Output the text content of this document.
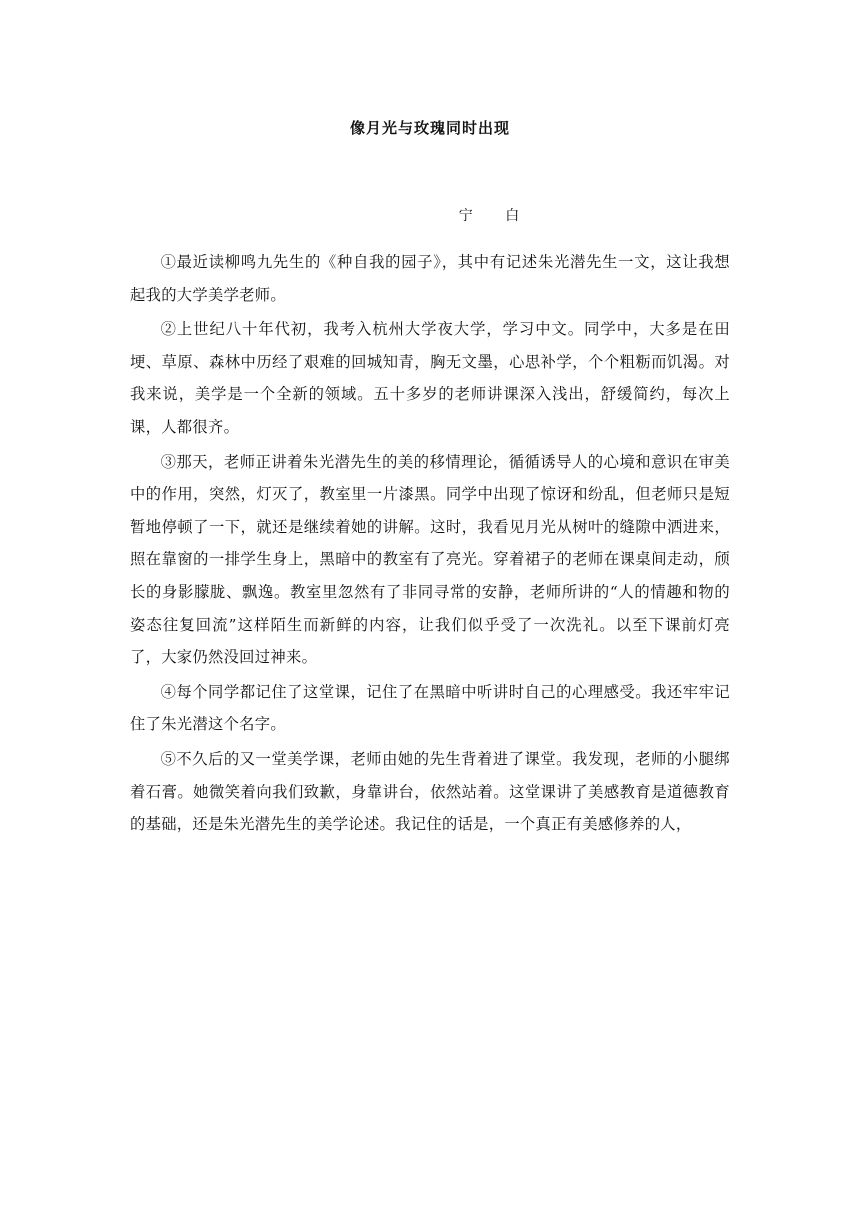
像月光与玫瑰同时出现
宁 白

①最近读柳鸣九先生的《种自我的园子》，其中有记述朱光潜先生一文，这让我想起我的大学美学老师。

②上世纪八十年代初，我考入杭州大学夜大学，学习中文。同学中，大多是在田埂、草原、森林中历经了艰难的回城知青，胸无文墨，心思补学，个个粗粝而饥渴。对我来说，美学是一个全新的领域。五十多岁的老师讲课深入浅出，舒缓简约，每次上课，人都很齐。

③那天，老师正讲着朱光潜先生的美的移情理论，循循诱导人的心境和意识在审美中的作用，突然，灯灭了，教室里一片漆黑。同学中出现了惊讶和纷乱，但老师只是短暂地停顿了一下，就还是继续着她的讲解。这时，我看见月光从树叶的缝隙中洒进来，照在靠窗的一排学生身上，黑暗中的教室有了亮光。穿着裙子的老师在课桌间走动，颀长的身影朦胧、飘逸。教室里忽然有了非同寻常的安静，老师所讲的“人的情趣和物的姿态往复回流”这样陌生而新鲜的内容，让我们似乎受了一次洗礼。以至下课前灯亮了，大家仍然没回过神来。

④每个同学都记住了这堂课，记住了在黑暗中听讲时自己的心理感受。我还牢牢记住了朱光潜这个名字。

⑤不久后的又一堂美学课，老师由她的先生背着进了课堂。我发现，老师的小腿绑着石膏。她微笑着向我们致歉，身靠讲台，依然站着。这堂课讲了美感教育是道德教育的基础，还是朱光潜先生的美学论述。我记住的话是，一个真正有美感修养的人，
